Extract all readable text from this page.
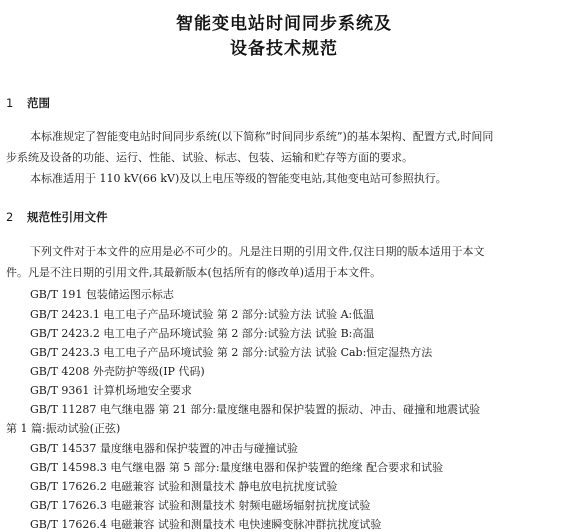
智能变电站时间同步系统及
设备技术规范
1 范围
本标准规定了智能变电站时间同步系统(以下简称“时间同步系统”)的基本架构、配置方式,时间同
步系统及设备的功能、运行、性能、试验、标志、包装、运输和贮存等方面的要求。
本标准适用于 110 kV(66 kV)及以上电压等级的智能变电站,其他变电站可参照执行。
2 规范性引用文件
下列文件对于本文件的应用是必不可少的。凡是注日期的引用文件,仅注日期的版本适用于本文
件。凡是不注日期的引用文件,其最新版本(包括所有的修改单)适用于本文件。
GB/T 191 包装储运图示标志
GB/T 2423.1 电工电子产品环境试验 第 2 部分:试验方法 试验 A:低温
GB/T 2423.2 电工电子产品环境试验 第 2 部分:试验方法 试验 B:高温
GB/T 2423.3 电工电子产品环境试验 第 2 部分:试验方法 试验 Cab:恒定湿热方法
GB/T 4208 外壳防护等级(IP 代码)
GB/T 9361 计算机场地安全要求
GB/T 11287 电气继电器 第 21 部分:量度继电器和保护装置的振动、冲击、碰撞和地震试验
第 1 篇:振动试验(正弦)
GB/T 14537 量度继电器和保护装置的冲击与碰撞试验
GB/T 14598.3 电气继电器 第 5 部分:量度继电器和保护装置的绝缘 配合要求和试验
GB/T 17626.2 电磁兼容 试验和测量技术 静电放电抗扰度试验
GB/T 17626.3 电磁兼容 试验和测量技术 射频电磁场辐射抗扰度试验
GB/T 17626.4 电磁兼容 试验和测量技术 电快速瞬变脉冲群抗扰度试验
